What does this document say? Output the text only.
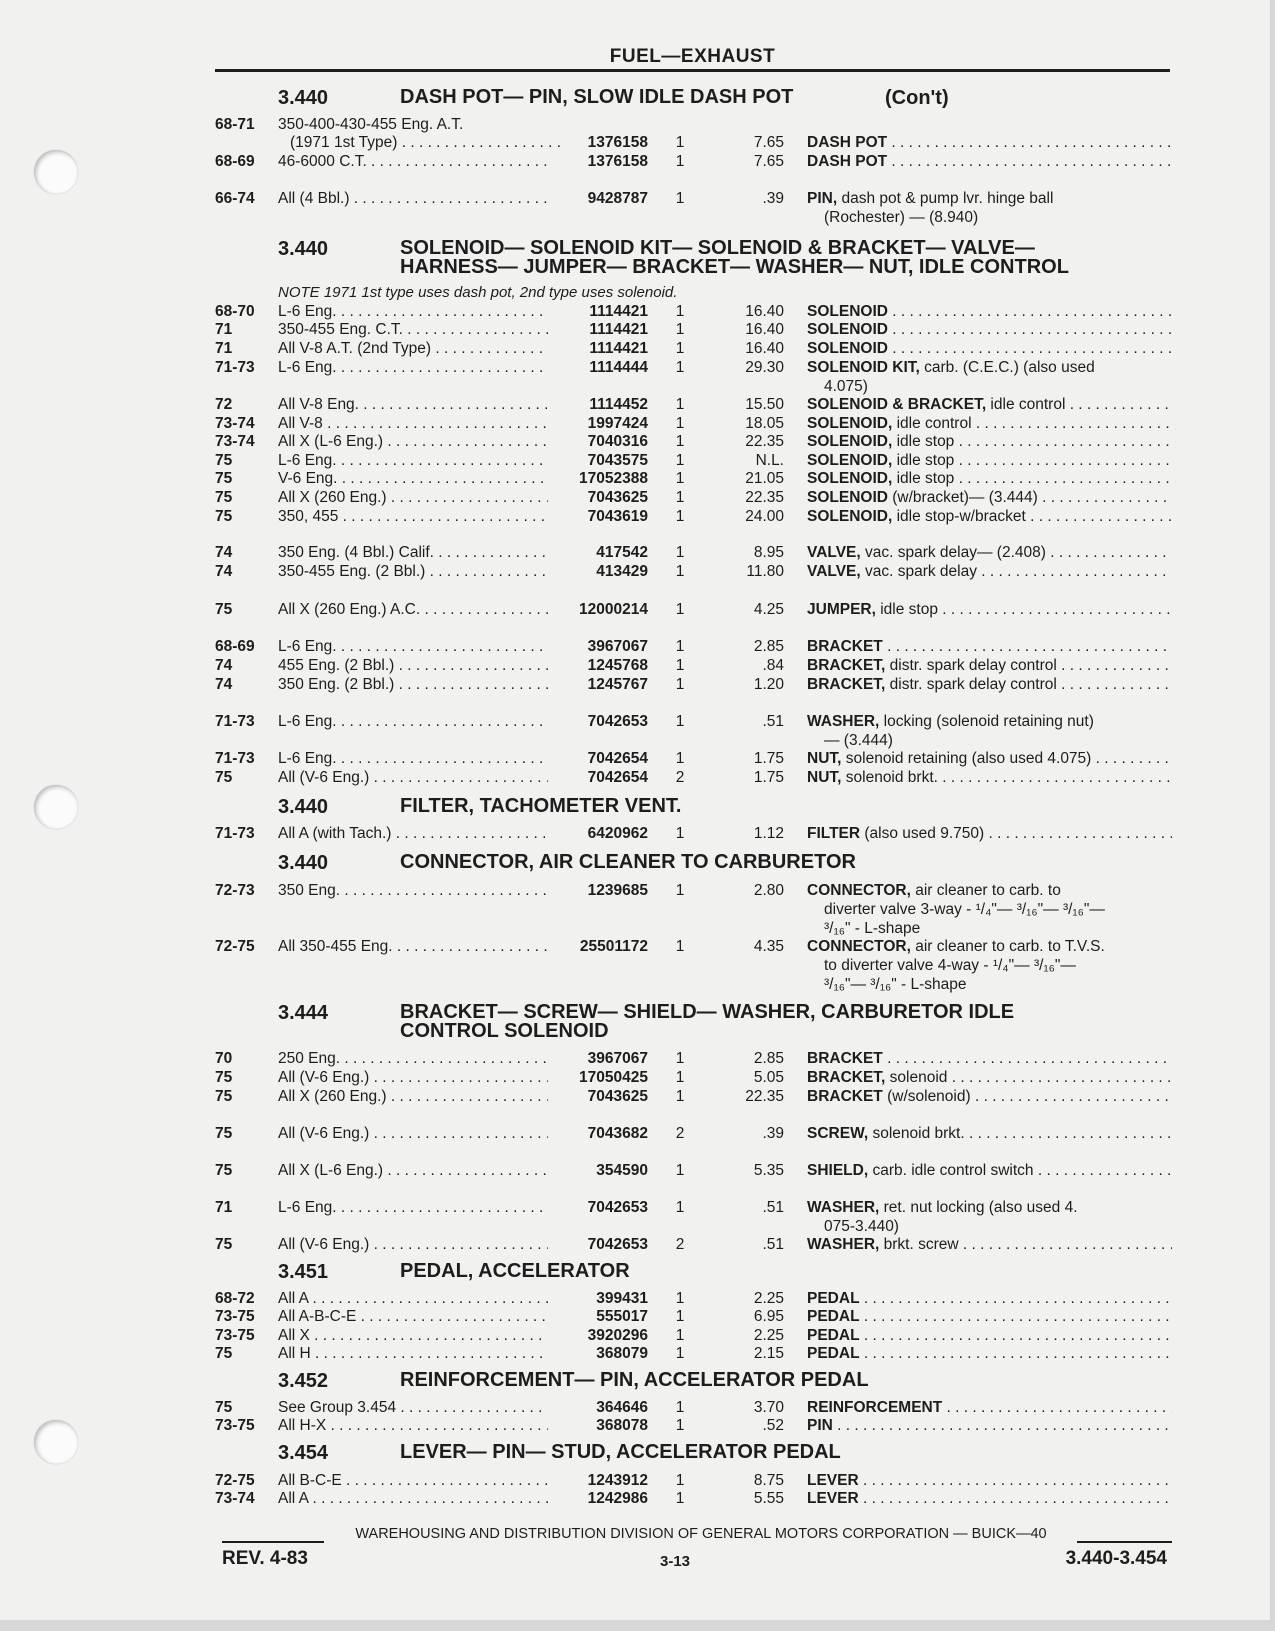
FUEL—EXHAUST
3.440	DASH POT— PIN, SLOW IDLE DASH POT	(Con't)
68-71 350-400-430-455 Eng. A.T.
(1971 1st Type) . . .	1376158 1	7.65 DASH POT . . .
68-69 46-6000 C.T. . . .	1376158 1	7.65 DASH POT . . .
66-74 All (4 Bbl.) . . .	9428787 1	.39 PIN, dash pot & pump lvr. hinge ball
(Rochester) — (8.940)
3.440	SOLENOID— SOLENOID KIT— SOLENOID & BRACKET— VALVE—
HARNESS— JUMPER— BRACKET— WASHER— NUT, IDLE CONTROL
NOTE 1971 1st type uses dash pot, 2nd type uses solenoid.
68-70 L-6 Eng. . . .	1114421 1	16.40 SOLENOID . . .
71	350-455 Eng. C.T. . . .	1114421 1	16.40 SOLENOID . . .
71	All V-8 A.T. (2nd Type) . . .	1114421 1	16.40 SOLENOID . . .
71-73 L-6 Eng. . . .	1114444 1	29.30 SOLENOID KIT, carb. (C.E.C.) (also used
4.075)
72	All V-8 Eng. . . .	1114452 1	15.50 SOLENOID & BRACKET, idle control . . .
73-74 All V-8 . . .	1997424 1	18.05 SOLENOID, idle control . . .
73-74 All X (L-6 Eng.) . . .	7040316 1	22.35 SOLENOID, idle stop . . .
75	L-6 Eng. . . .	7043575 1	N.L. SOLENOID, idle stop . . .
75	V-6 Eng. . . .	17052388 1	21.05 SOLENOID, idle stop . . .
75	All X (260 Eng.) . . .	7043625 1	22.35 SOLENOID (w/bracket)— (3.444) . . .
75	350, 455 . . .	7043619 1	24.00 SOLENOID, idle stop-w/bracket . . .
74	350 Eng. (4 Bbl.) Calif. . . .	417542 1	8.95 VALVE, vac. spark delay— (2.408) . . .
74	350-455 Eng. (2 Bbl.) . . .	413429 1	11.80 VALVE, vac. spark delay . . .
75	All X (260 Eng.) A.C. . . .	12000214 1	4.25 JUMPER, idle stop . . .
68-69 L-6 Eng. . . .	3967067 1	2.85 BRACKET . . .
74	455 Eng. (2 Bbl.) . . .	1245768 1	.84 BRACKET, distr. spark delay control . . .
74	350 Eng. (2 Bbl.) . . .	1245767 1	1.20 BRACKET, distr. spark delay control . . .
71-73 L-6 Eng. . . .	7042653 1	.51 WASHER, locking (solenoid retaining nut)
— (3.444)
71-73 L-6 Eng. . . .	7042654 1	1.75 NUT, solenoid retaining (also used 4.075) . . . .
75	All (V-6 Eng.) . . .	7042654 2	1.75 NUT, solenoid brkt. . . .
3.440	FILTER, TACHOMETER VENT.
71-73 All A (with Tach.) . . .	6420962 1	1.12 FILTER (also used 9.750) . . .
3.440	CONNECTOR, AIR CLEANER TO CARBURETOR
72-73 350 Eng. . . .	1239685 1	2.80 CONNECTOR, air cleaner to carb. to
diverter valve 3-way - ¹/₄"— ³/₁₆"— ³/₁₆"—
³/₁₆" - L-shape
72-75 All 350-455 Eng. . . .	25501172 1	4.35 CONNECTOR, air cleaner to carb. to T.V.S.
to diverter valve 4-way - ¹/₄"— ³/₁₆"—
³/₁₆"— ³/₁₆" - L-shape
3.444	BRACKET— SCREW— SHIELD— WASHER, CARBURETOR IDLE
CONTROL SOLENOID
70	250 Eng. . . .	3967067 1	2.85 BRACKET . . .
75	All (V-6 Eng.) . . .	17050425 1	5.05 BRACKET, solenoid . . .
75	All X (260 Eng.) . . .	7043625 1	22.35 BRACKET (w/solenoid) . . .
75	All (V-6 Eng.) . . .	7043682 2	.39 SCREW, solenoid brkt. . . .
75	All X (L-6 Eng.) . . .	354590 1	5.35 SHIELD, carb. idle control switch . . .
71	L-6 Eng. . . .	7042653 1	.51 WASHER, ret. nut locking (also used 4.
075-3.440)
75	All (V-6 Eng.) . . .	7042653 2	.51 WASHER, brkt. screw . . .
3.451	PEDAL, ACCELERATOR
68-72 All A . . .	399431 1	2.25 PEDAL . . .
73-75 All A-B-C-E . . .	555017 1	6.95 PEDAL . . .
73-75 All X . . .	3920296 1	2.25 PEDAL . . .
75	All H . . .	368079 1	2.15 PEDAL . . .
3.452	REINFORCEMENT— PIN, ACCELERATOR PEDAL
75	See Group 3.454 . . .	364646 1	3.70 REINFORCEMENT . . .
73-75 All H-X . . .	368078 1	.52 PIN . . .
3.454	LEVER— PIN— STUD, ACCELERATOR PEDAL
72-75 All B-C-E . . .	1243912 1	8.75 LEVER . . .
73-74 All A . . .	1242986 1	5.55 LEVER . . .
WAREHOUSING AND DISTRIBUTION DIVISION OF GENERAL MOTORS CORPORATION — BUICK—40
REV. 4-83	3-13	3.440-3.454
